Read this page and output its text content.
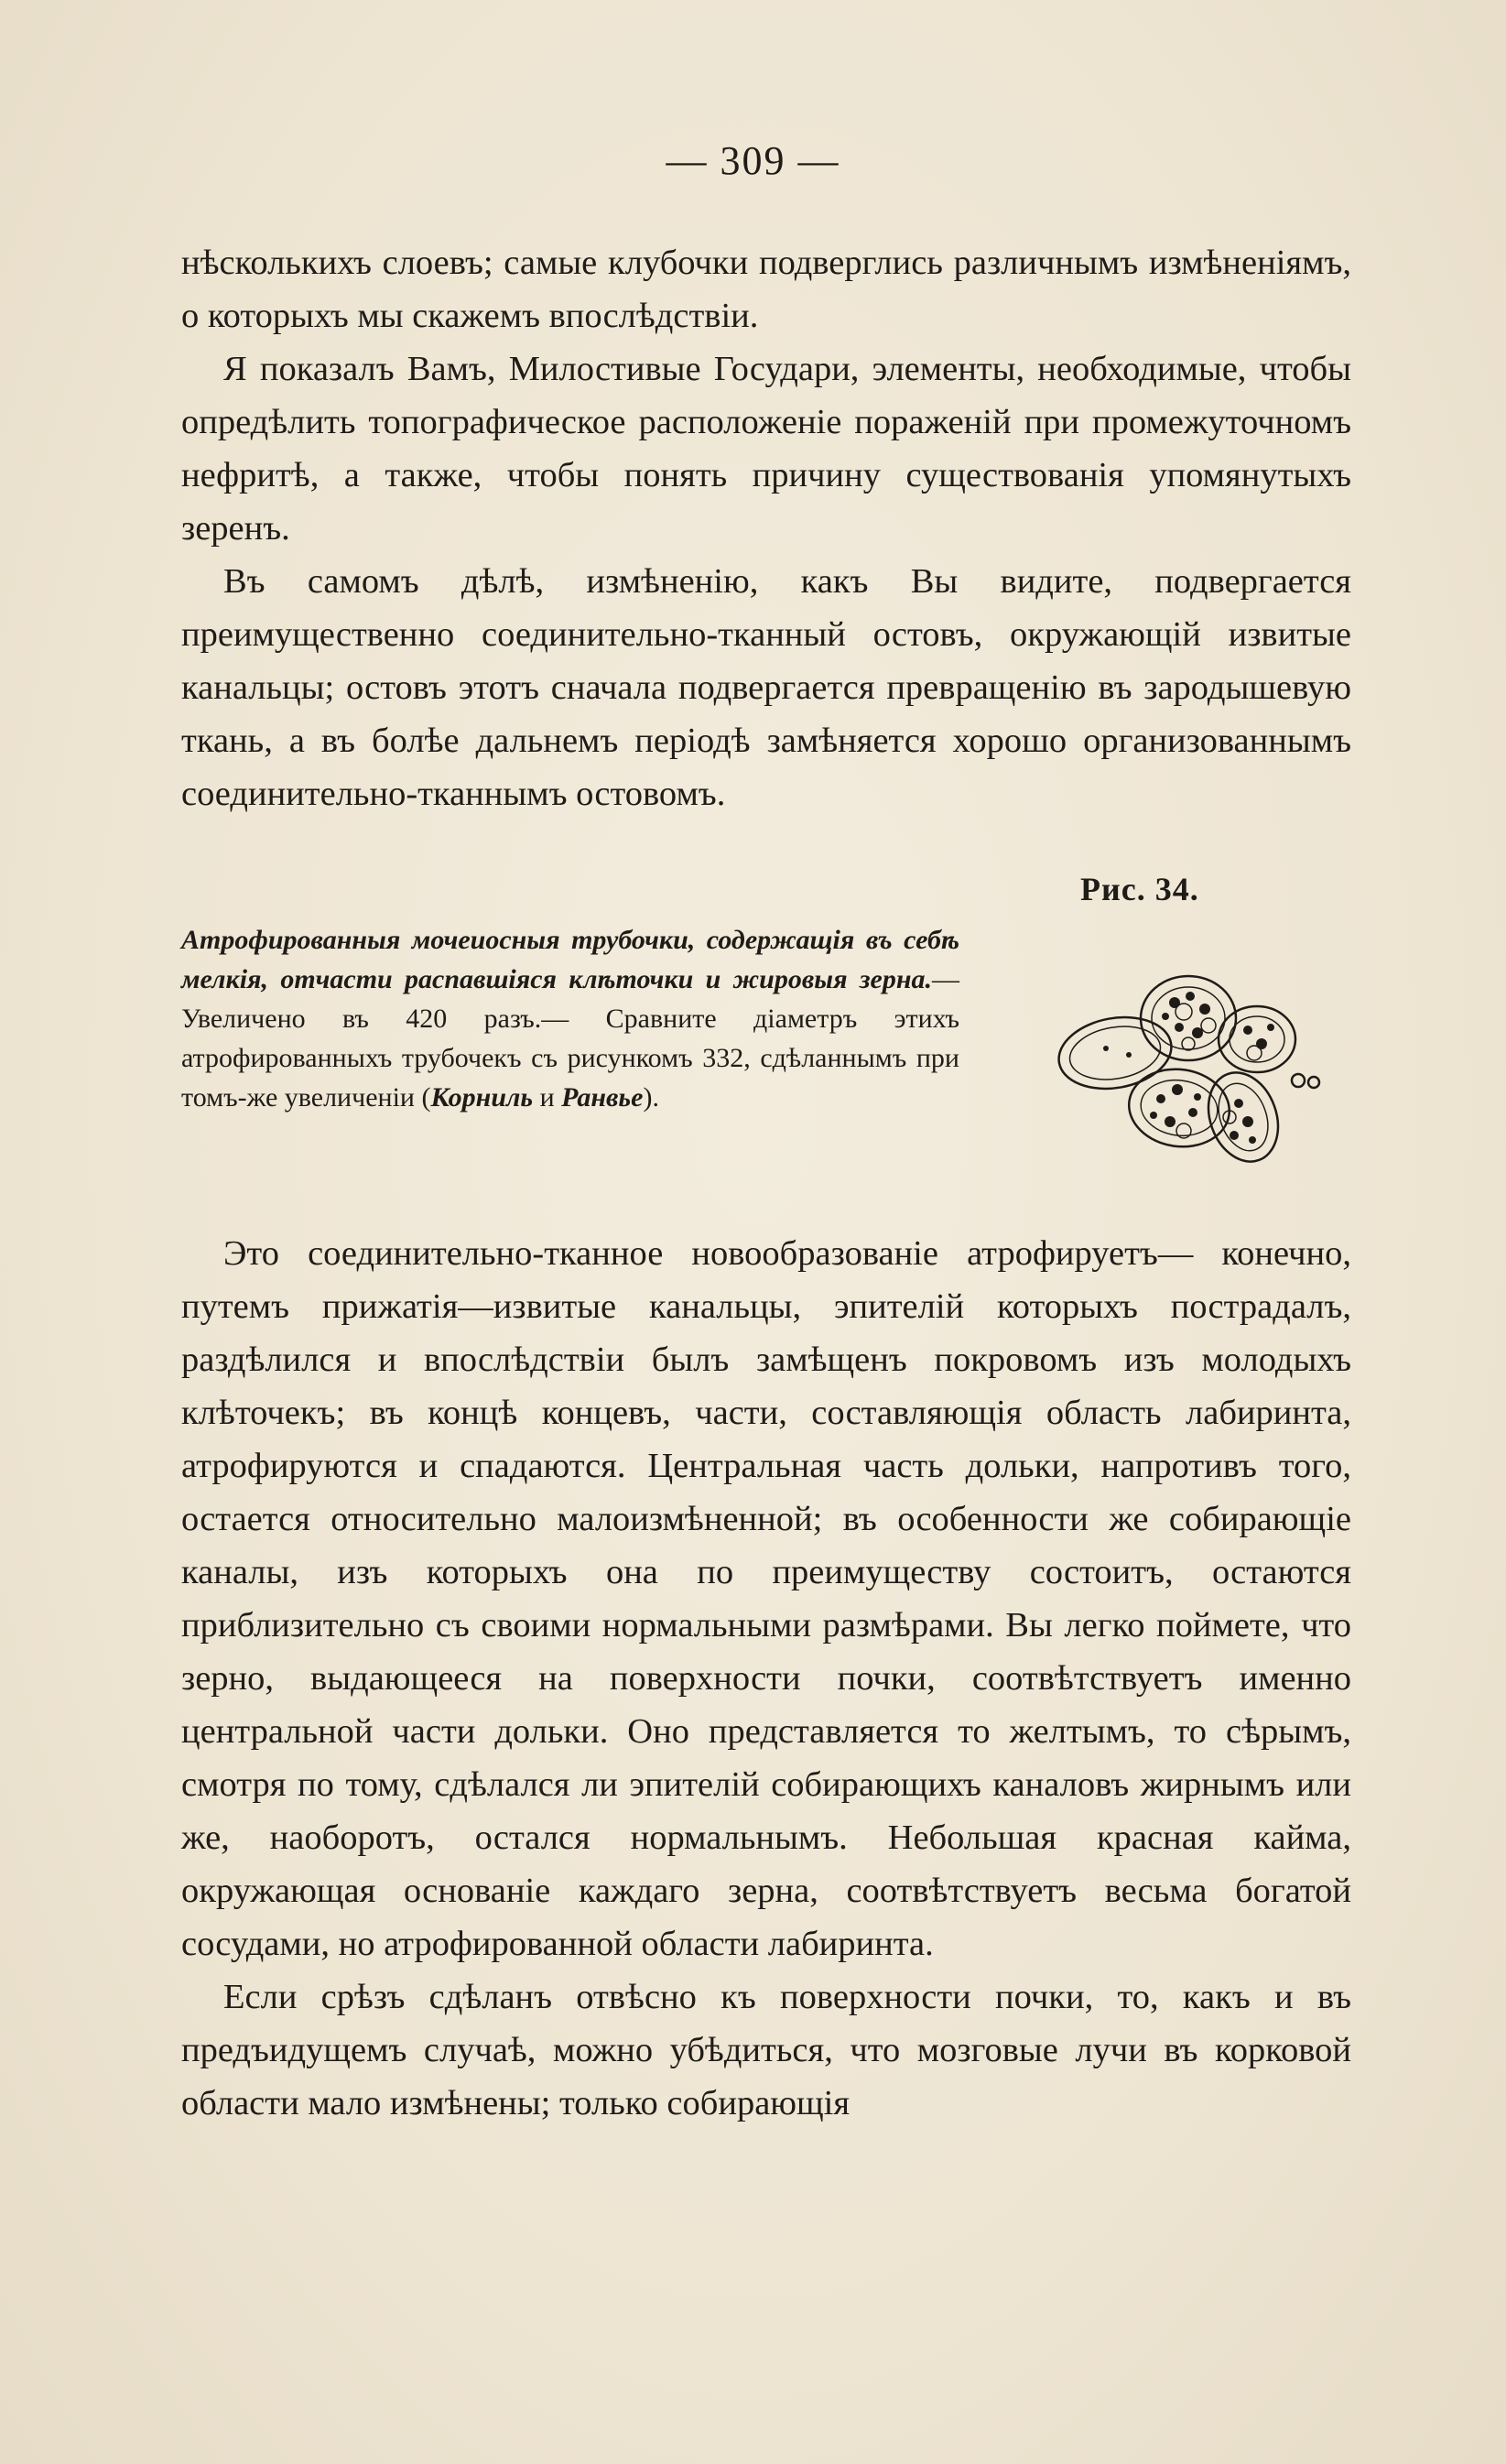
— 309 —

нѣсколькихъ слоевъ; самые клубочки подверглись различнымъ измѣненіямъ, о которыхъ мы скажемъ впослѣдствіи.

Я показалъ Вамъ, Милостивые Государи, элементы, необходимые, чтобы опредѣлить топографическое расположеніе пораженій при промежуточномъ нефритѣ, а также, чтобы понять причину существованія упомянутыхъ зеренъ.

Въ самомъ дѣлѣ, измѣненію, какъ Вы видите, подвергается преимущественно соединительно-тканный остовъ, окружающій извитые канальцы; остовъ этотъ сначала подвергается превращенію въ зародышевую ткань, а въ болѣе дальнемъ періодѣ замѣняется хорошо организованнымъ соединительно-тканнымъ остовомъ.

Рис. 34.
Атрофированныя мочеиосныя трубочки, содержащія въ себѣ мелкія, отчасти распавшіяся клѣточки и жировыя зерна.—Увеличено въ 420 разъ.— Сравните діаметръ этихъ атрофированныхъ трубочекъ съ рисункомъ 332, сдѣланнымъ при томъ-же увеличеніи (Корниль и Ранвье).

Это соединительно-тканное новообразованіе атрофируетъ— конечно, путемъ прижатія—извитые канальцы, эпителій которыхъ пострадалъ, раздѣлился и впослѣдствіи былъ замѣщенъ покровомъ изъ молодыхъ клѣточекъ; въ концѣ концевъ, части, составляющія область лабиринта, атрофируются и спадаются. Центральная часть дольки, напротивъ того, остается относительно малоизмѣненной; въ особенности же собирающіе каналы, изъ которыхъ она по преимуществу состоитъ, остаются приблизительно съ своими нормальными размѣрами. Вы легко поймете, что зерно, выдающееся на поверхности почки, соотвѣтствуетъ именно центральной части дольки. Оно представляется то желтымъ, то сѣрымъ, смотря по тому, сдѣлался ли эпителій собирающихъ каналовъ жирнымъ или же, наоборотъ, остался нормальнымъ. Небольшая красная кайма, окружающая основаніе каждаго зерна, соотвѣтствуетъ весьма богатой сосудами, но атрофированной области лабиринта.

Если срѣзъ сдѣланъ отвѣсно къ поверхности почки, то, какъ и въ предъидущемъ случаѣ, можно убѣдиться, что мозговые лучи въ корковой области мало измѣнены; только собирающія
